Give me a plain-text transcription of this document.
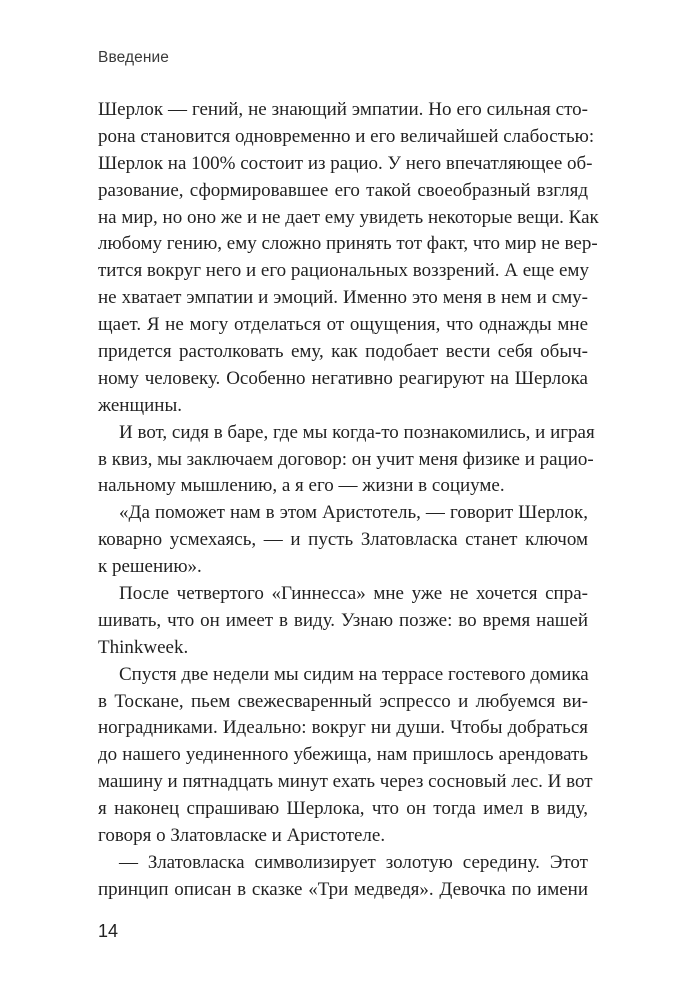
Введение
Шерлок — гений, не знающий эмпатии. Но его сильная сто-
рона становится одновременно и его величайшей слабостью:
Шерлок на 100% состоит из рацио. У него впечатляющее об-
разование, сформировавшее его такой своеобразный взгляд
на мир, но оно же и не дает ему увидеть некоторые вещи. Как
любому гению, ему сложно принять тот факт, что мир не вер-
тится вокруг него и его рациональных воззрений. А еще ему
не хватает эмпатии и эмоций. Именно это меня в нем и сму-
щает. Я не могу отделаться от ощущения, что однажды мне
придется растолковать ему, как подобает вести себя обыч-
ному человеку. Особенно негативно реагируют на Шерлока
женщины.
И вот, сидя в баре, где мы когда-то познакомились, и играя
в квиз, мы заключаем договор: он учит меня физике и рацио-
нальному мышлению, а я его — жизни в социуме.
«Да поможет нам в этом Аристотель, — говорит Шерлок,
коварно усмехаясь, — и пусть Златовласка станет ключом
к решению».
После четвертого «Гиннесса» мне уже не хочется спра-
шивать, что он имеет в виду. Узнаю позже: во время нашей
Thinkweek.
Спустя две недели мы сидим на террасе гостевого домика
в Тоскане, пьем свежесваренный эспрессо и любуемся ви-
ноградниками. Идеально: вокруг ни души. Чтобы добраться
до нашего уединенного убежища, нам пришлось арендовать
машину и пятнадцать минут ехать через сосновый лес. И вот
я наконец спрашиваю Шерлока, что он тогда имел в виду,
говоря о Златовласке и Аристотеле.
— Златовласка символизирует золотую середину. Этот
принцип описан в сказке «Три медведя». Девочка по имени
14
